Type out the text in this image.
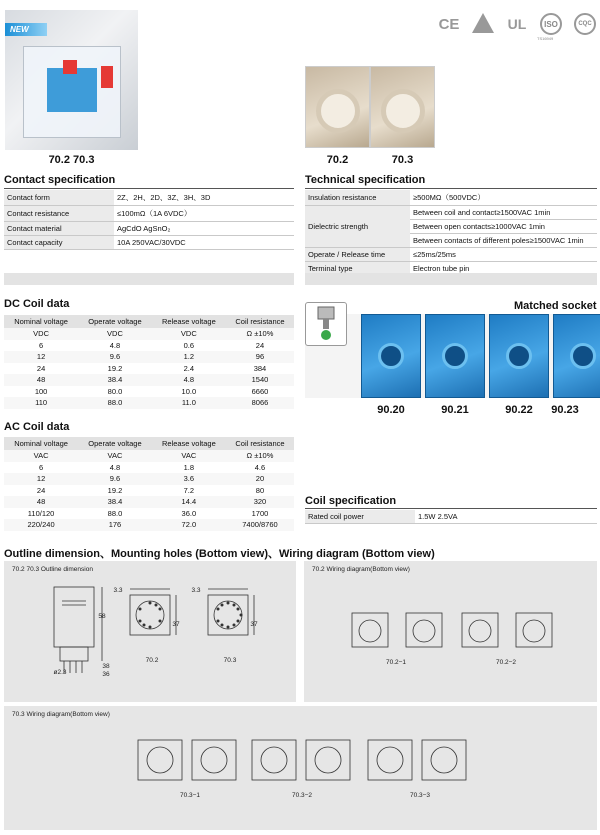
NEW
70.2 70.3
CE	UL	ISO	CQC
TS16949
70.2	70.3
Contact specification
Contact form	2Z、2H、2D、3Z、3H、3D
Contact resistance	≤100mΩ（1A 6VDC）
Contact material	AgCdO AgSnO₂
Contact capacity	10A 250VAC/30VDC
Technical specification
Insulation resistance	≥500MΩ（500VDC）
Dielectric strength	Between coil and contact≥1500VAC 1min
	Between open contacts≥1000VAC 1min
	Between contacts of different poles≥1500VAC 1min
Operate / Release time	≤25ms/25ms
Terminal type	Electron tube pin
DC Coil data
Nominal voltage	Operate voltage	Release voltage	Coil resistance
VDC	VDC	VDC	Ω ±10%
6	4.8	0.6	24
12	9.6	1.2	96
24	19.2	2.4	384
48	38.4	4.8	1540
100	80.0	10.0	6660
110	88.0	11.0	8066
AC Coil data
Nominal voltage	Operate voltage	Release voltage	Coil resistance
VAC	VAC	VAC	Ω ±10%
6	4.8	1.8	4.6
12	9.6	3.6	20
24	19.2	7.2	80
48	38.4	14.4	320
110/120	88.0	36.0	1700
220/240	176	72.0	7400/8760
Matched socket
90.20	90.21	90.22	90.23
Coil specification
Rated coil power	1.5W 2.5VA
Outline dimension、Mounting holes (Bottom view)、Wiring diagram (Bottom view)
70.2 70.3 Outline dimension
3.3	3.3
37	37
58
38
36
ø2.3
70.2	70.3
70.2 Wiring diagram(Bottom view)
70.2−1	70.2−2
70.3 Wiring diagram(Bottom view)
70.3−1	70.3−2	70.3−3
